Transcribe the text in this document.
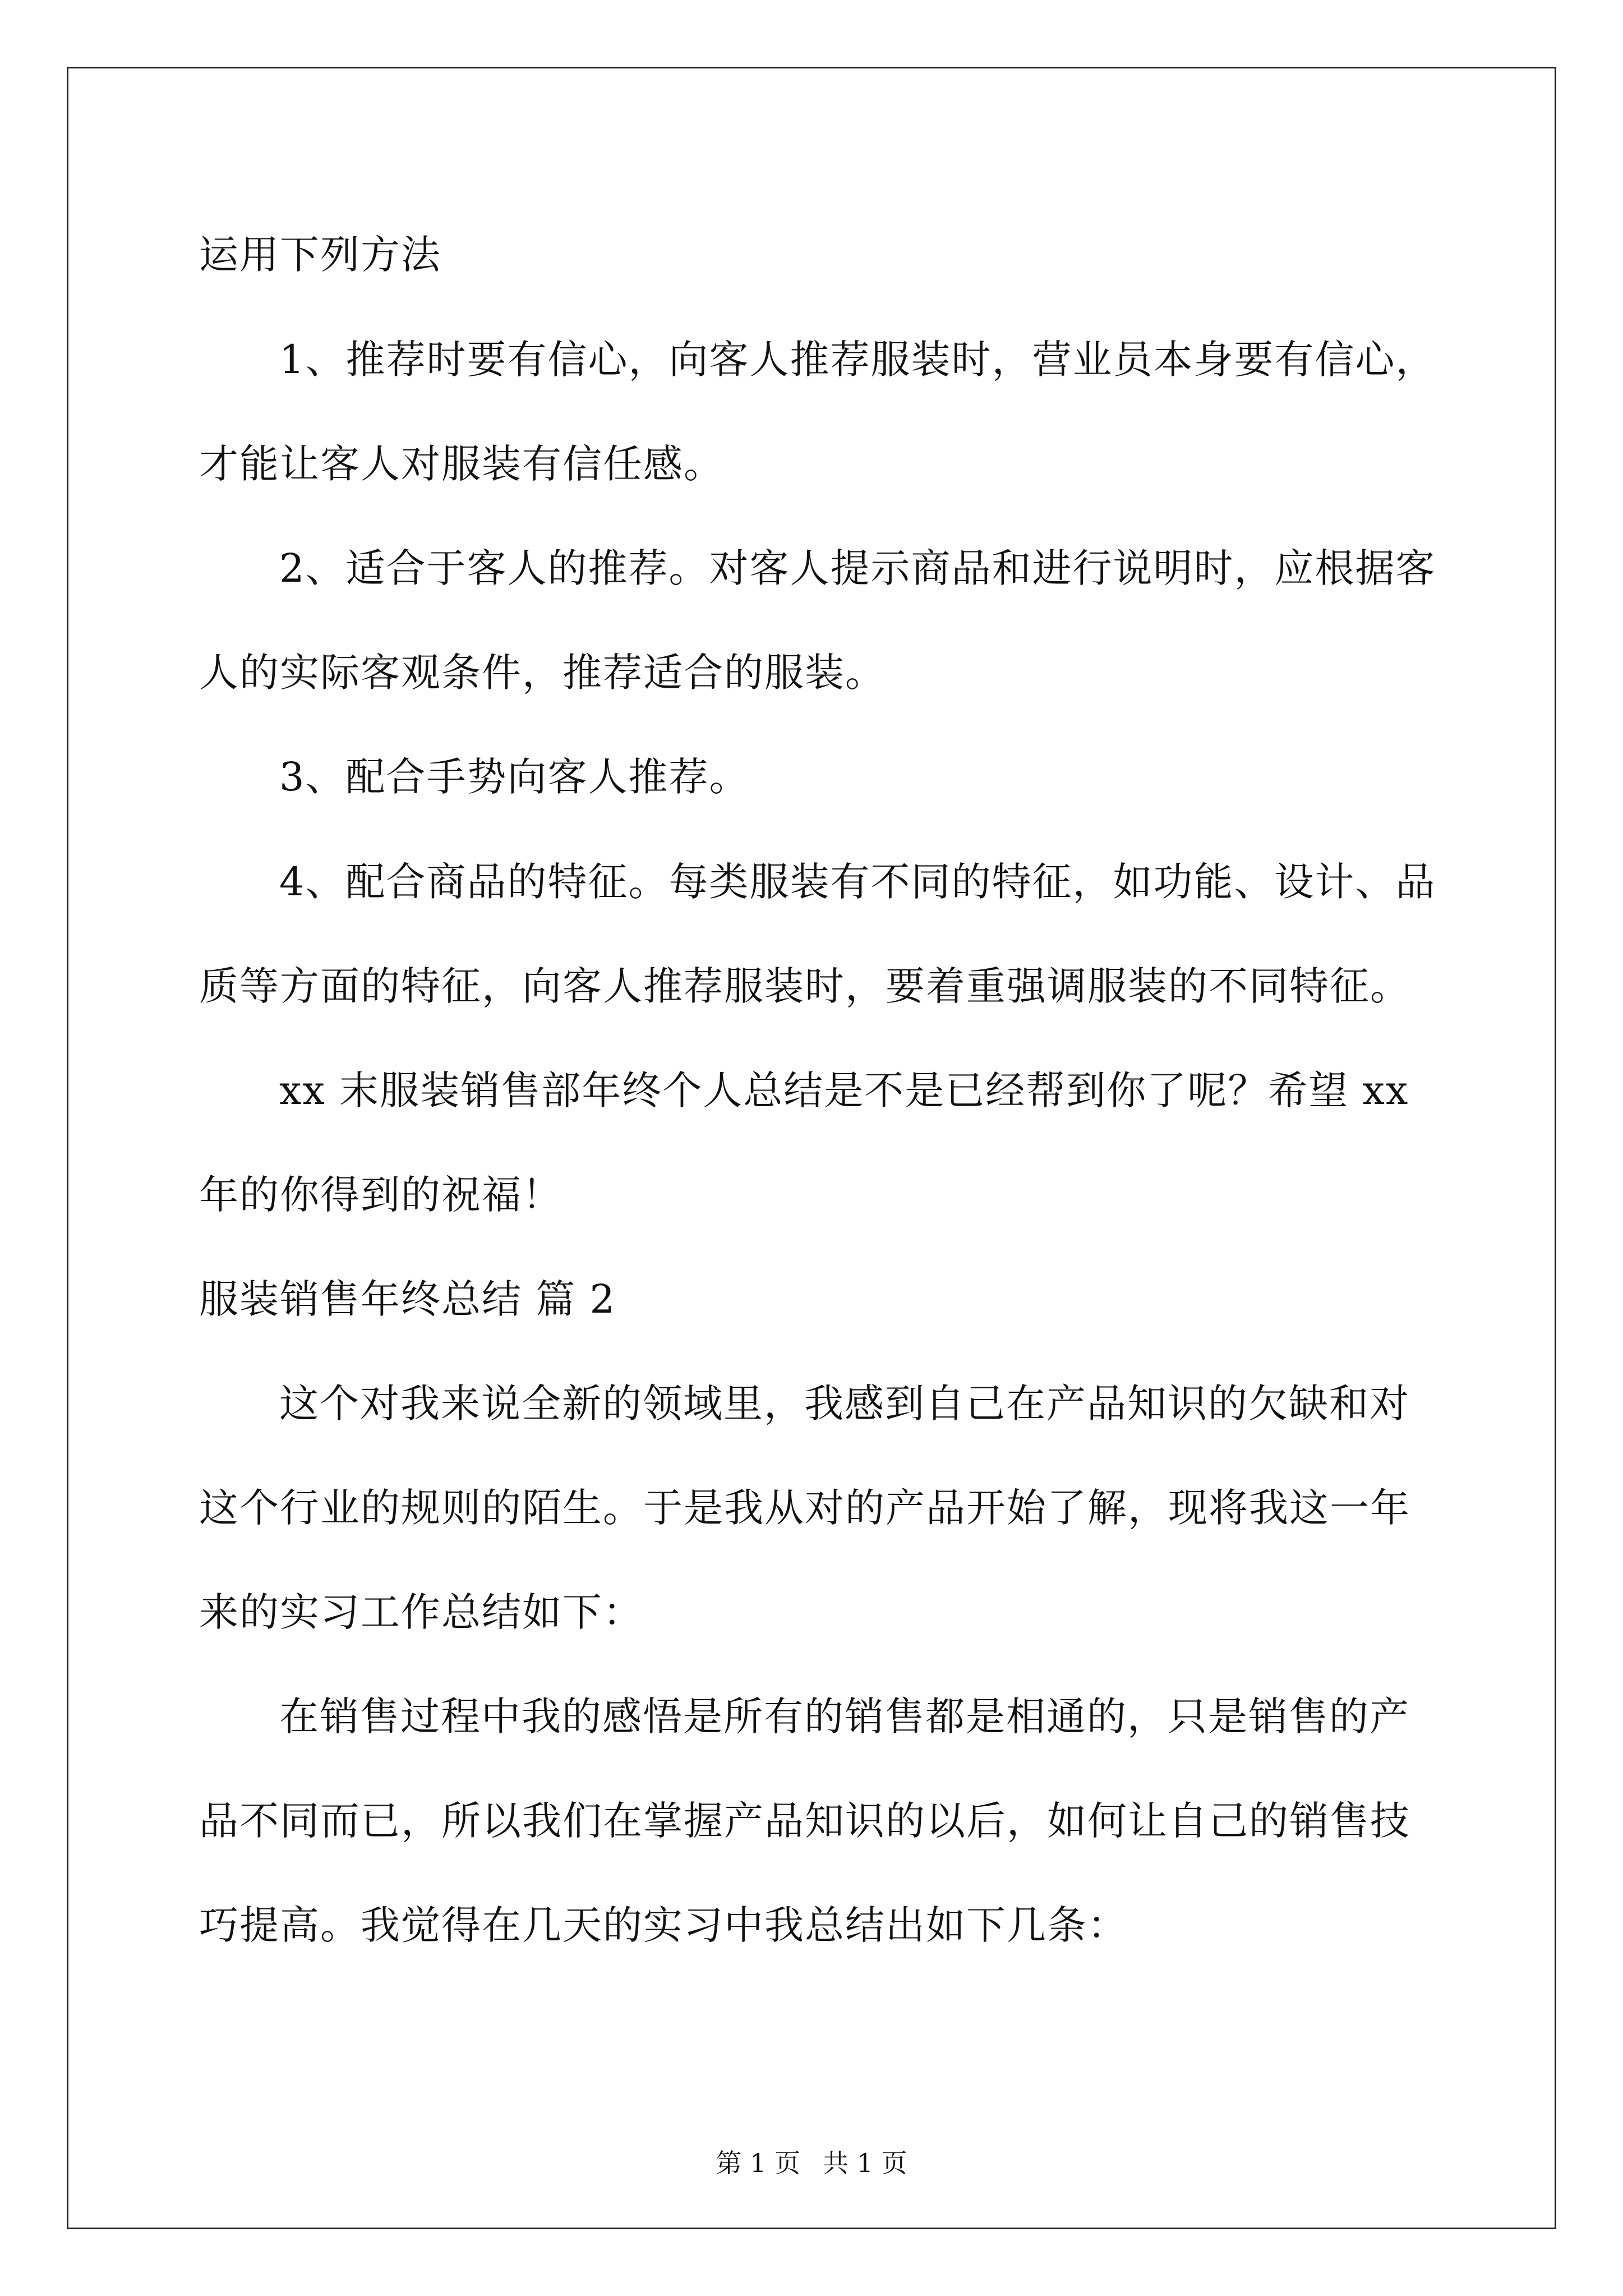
运用下列方法
1、推荐时要有信心，向客人推荐服装时，营业员本身要有信心，
才能让客人对服装有信任感。
2、适合于客人的推荐。对客人提示商品和进行说明时，应根据客
人的实际客观条件，推荐适合的服装。
3、配合手势向客人推荐。
4、配合商品的特征。每类服装有不同的特征，如功能、设计、品
质等方面的特征，向客人推荐服装时，要着重强调服装的不同特征。
xx 末服装销售部年终个人总结是不是已经帮到你了呢？希望 xx
年的你得到的祝福！
服装销售年终总结 篇 2
这个对我来说全新的领域里，我感到自己在产品知识的欠缺和对
这个行业的规则的陌生。于是我从对的产品开始了解，现将我这一年
来的实习工作总结如下：
在销售过程中我的感悟是所有的销售都是相通的，只是销售的产
品不同而已，所以我们在掌握产品知识的以后，如何让自己的销售技
巧提高。我觉得在几天的实习中我总结出如下几条：
第 1 页 共 1 页
